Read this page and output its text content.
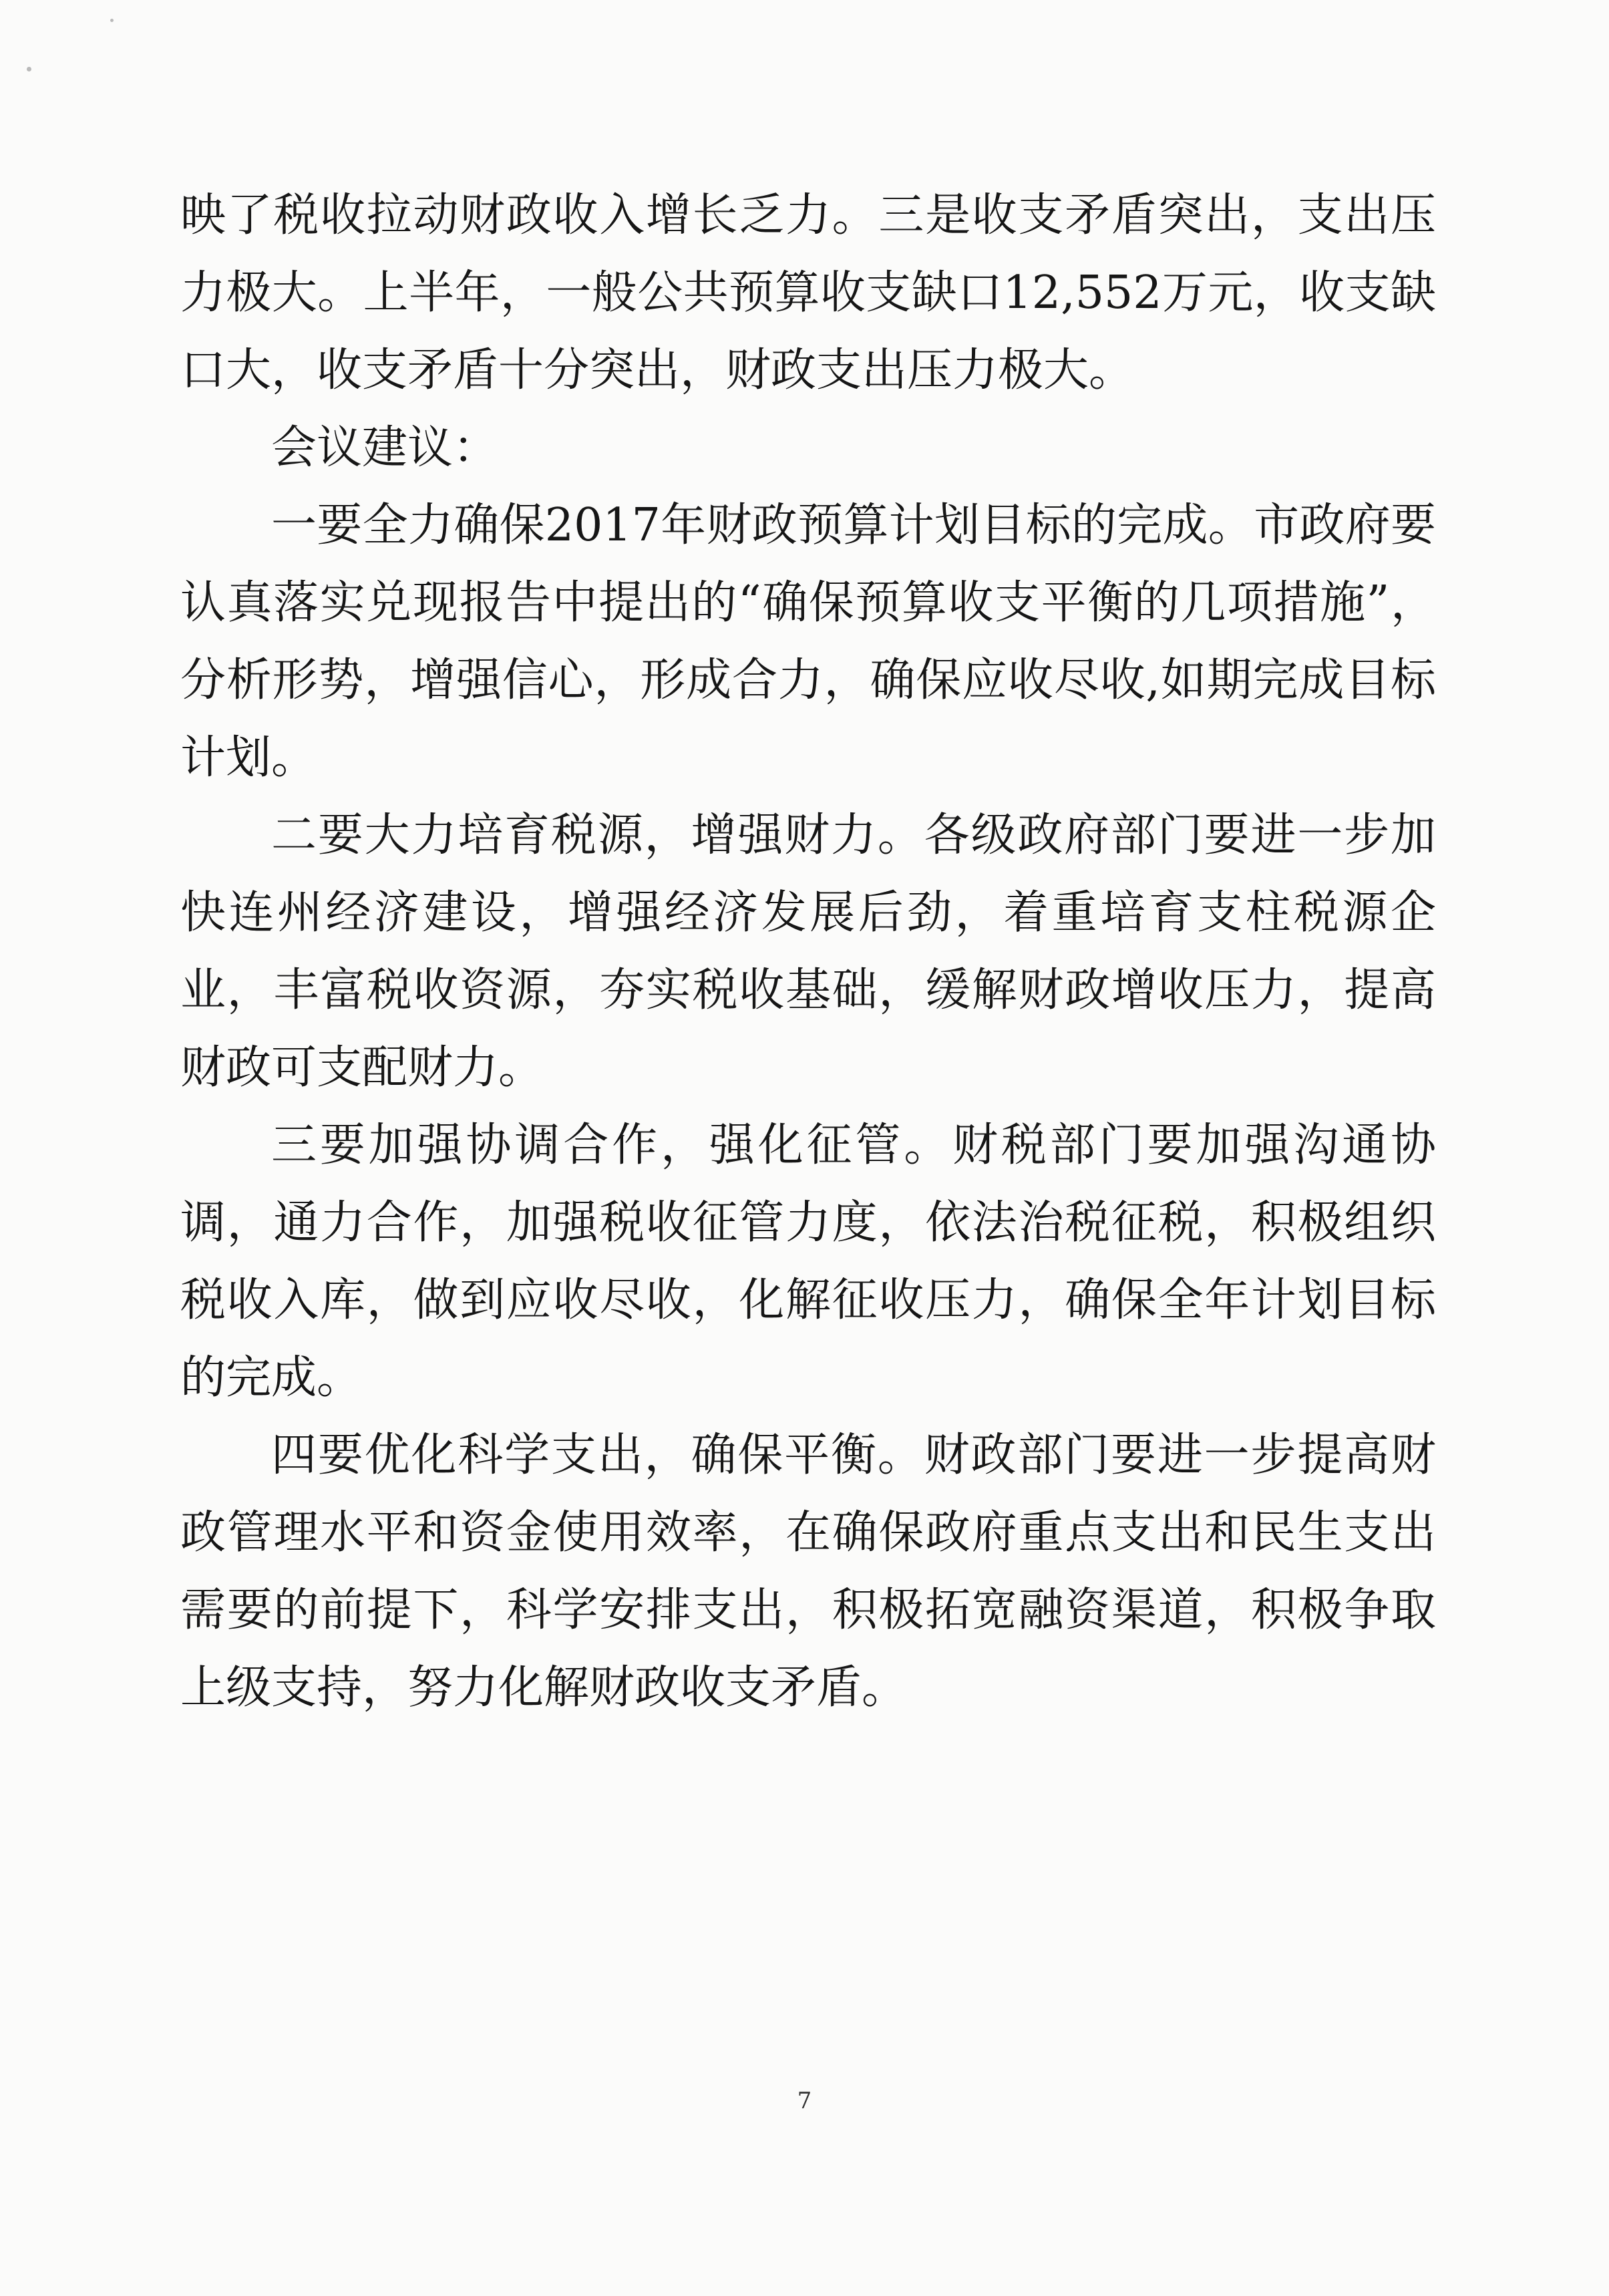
映了税收拉动财政收入增长乏力。三是收支矛盾突出，支出压力极大。上半年，一般公共预算收支缺口12,552万元，收支缺口大，收支矛盾十分突出，财政支出压力极大。

会议建议：

一要全力确保2017年财政预算计划目标的完成。市政府要认真落实兑现报告中提出的“确保预算收支平衡的几项措施”，分析形势，增强信心，形成合力，确保应收尽收,如期完成目标计划。

二要大力培育税源，增强财力。各级政府部门要进一步加快连州经济建设，增强经济发展后劲，着重培育支柱税源企业，丰富税收资源，夯实税收基础，缓解财政增收压力，提高财政可支配财力。

三要加强协调合作，强化征管。财税部门要加强沟通协调，通力合作，加强税收征管力度，依法治税征税，积极组织税收入库，做到应收尽收，化解征收压力，确保全年计划目标的完成。

四要优化科学支出，确保平衡。财政部门要进一步提高财政管理水平和资金使用效率，在确保政府重点支出和民生支出需要的前提下，科学安排支出，积极拓宽融资渠道，积极争取上级支持，努力化解财政收支矛盾。

7
